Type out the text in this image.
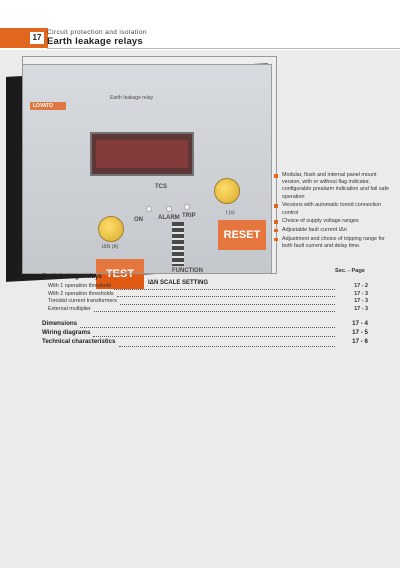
17
Circuit protection and isolation
Earth leakage relays
LOVATO
Earth leakage relay
TCS
ON	ALARM TRIP
IΔN (A)
t (s)
FUNCTION
IΔN SCALE SETTING
TEST
RESET
Modular, flush and internal panel mount version, with or without flag indicator, configurable prealarm indication and fail safe operation
Versions with automatic toroid connection control
Choice of supply voltage ranges
Adjustable fault current IΔn
Adjustment and choice of tripping range for both fault current and delay time.
Sec. - Page
Earth leakage relays
With 1 operation threshold	17 - 2
With 2 operation thresholds	17 - 3
Toroidal current transformers	17 - 3
External multiplier	17 - 3
Dimensions	17 - 4
Wiring diagrams	17 - 5
Technical characteristics	17 - 6
